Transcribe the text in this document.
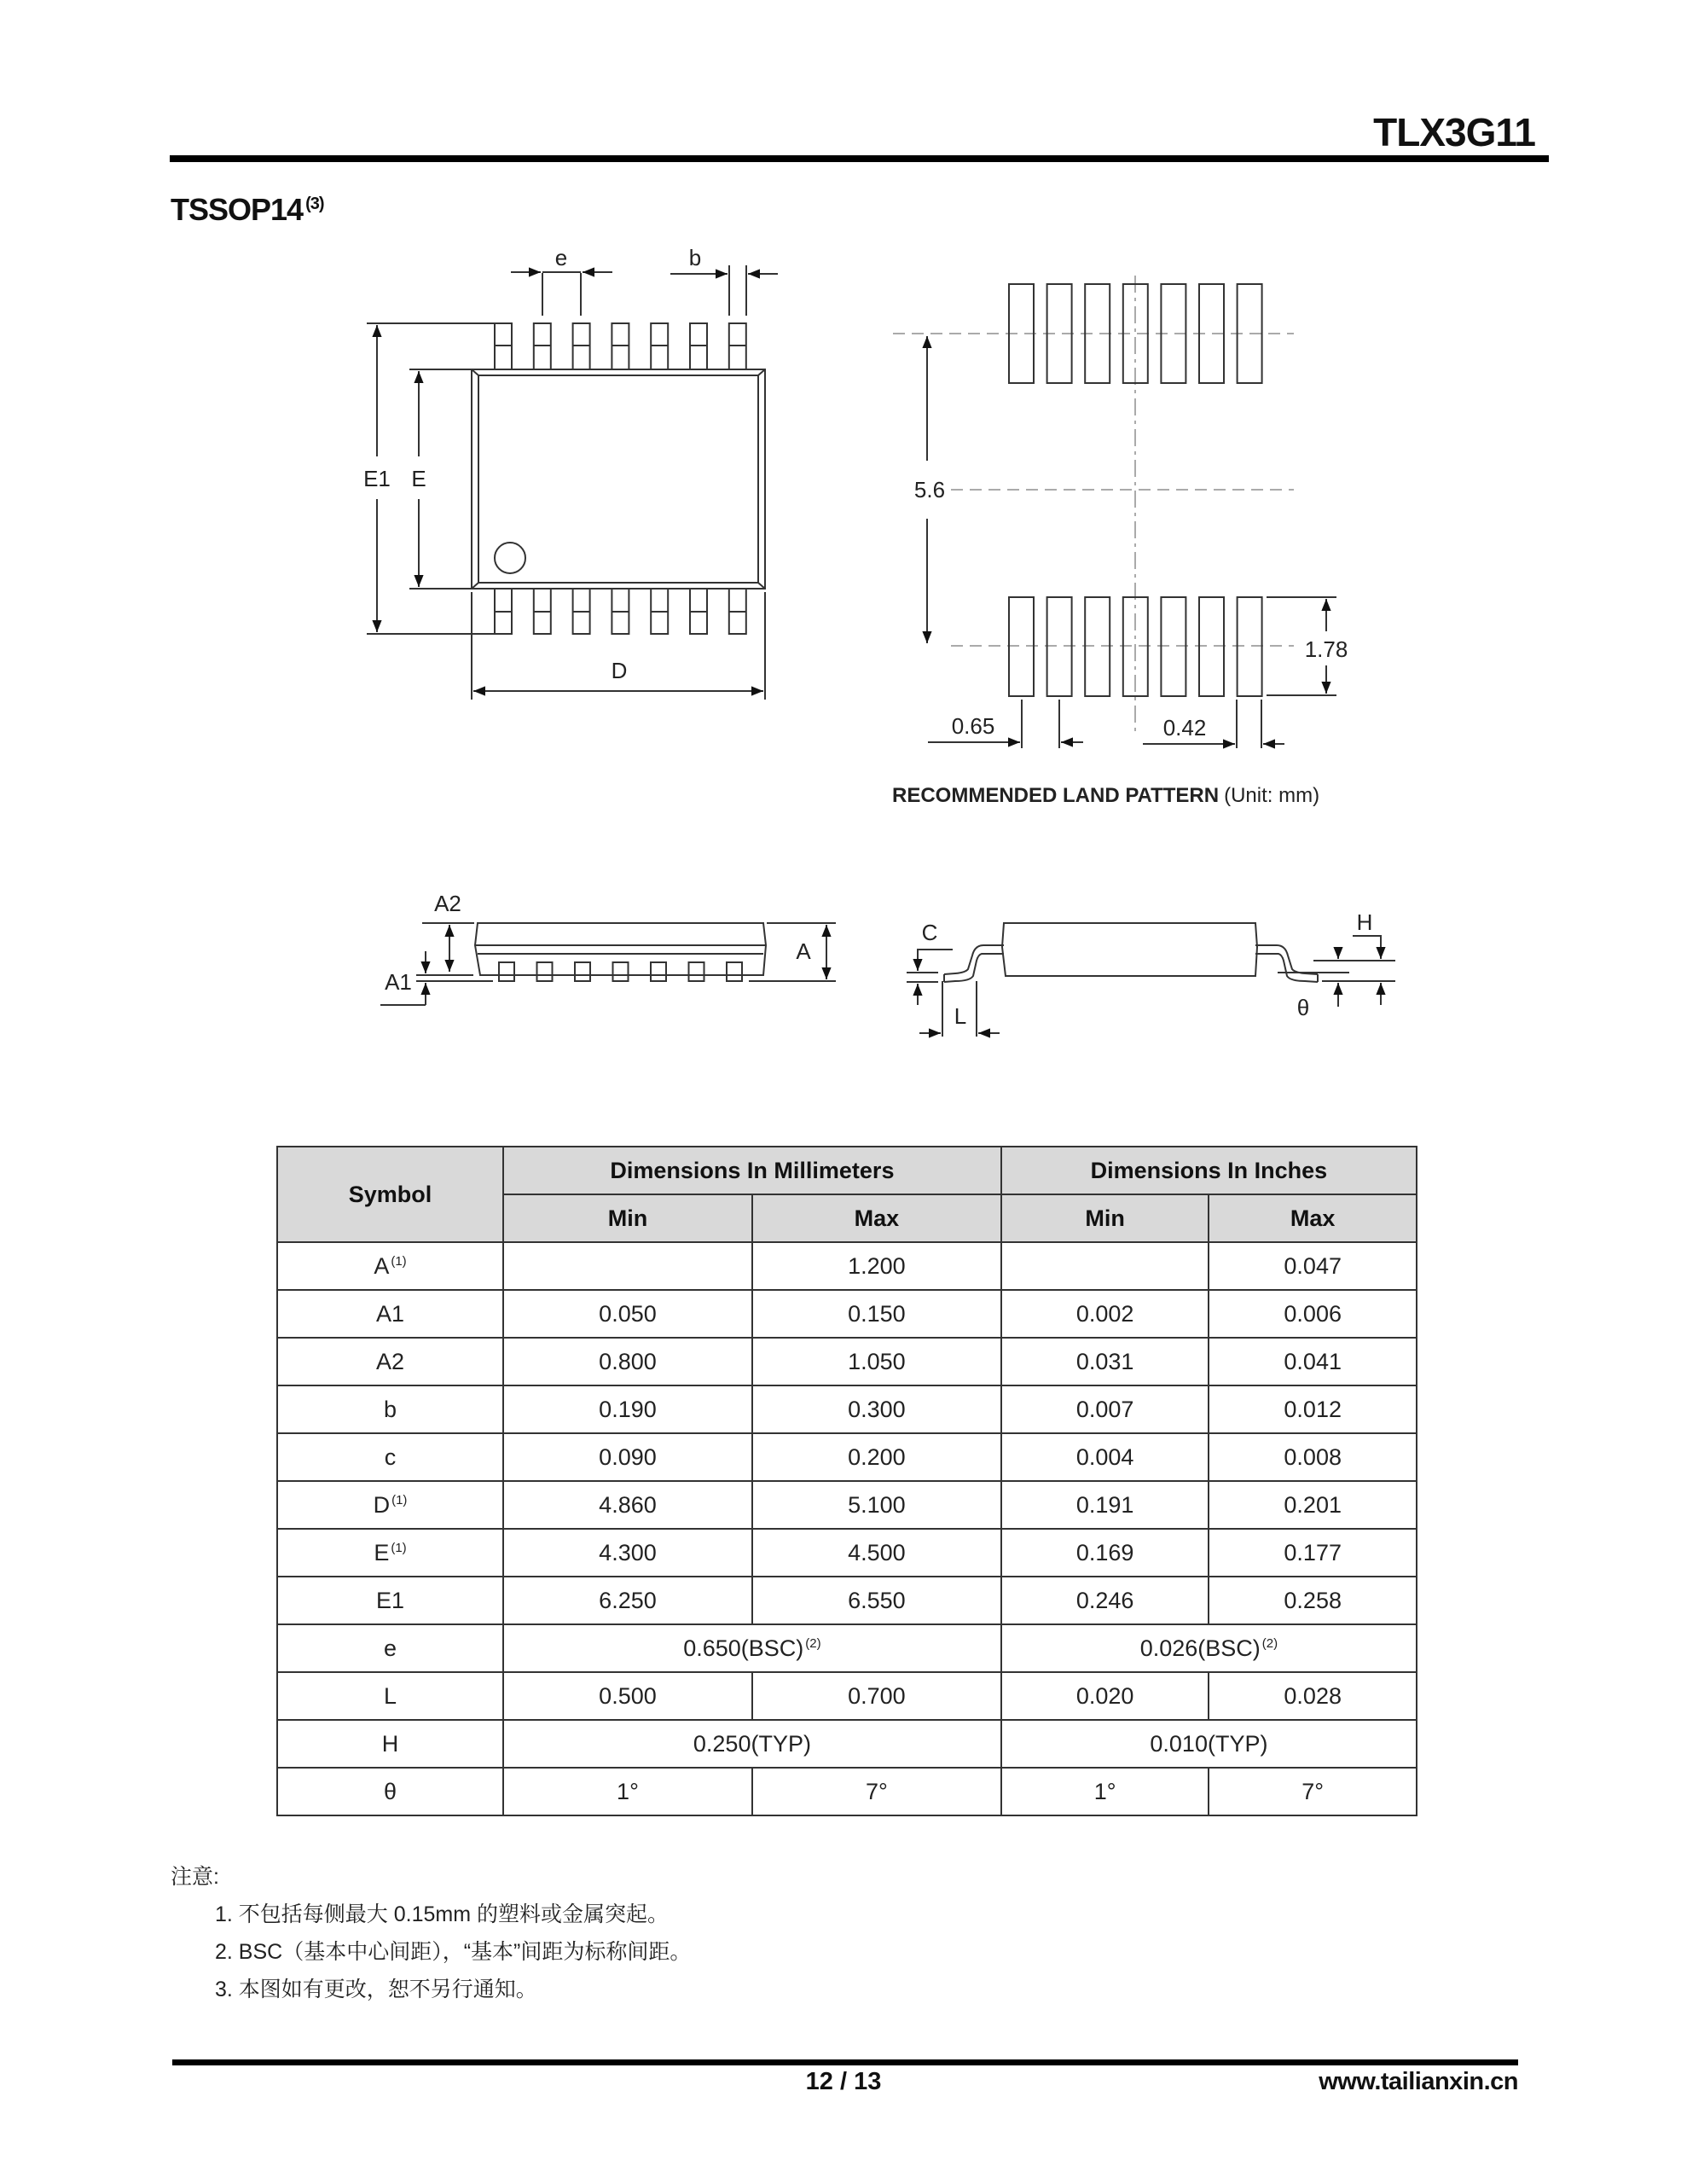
TLX3G11
TSSOP14 $^{(3)}$
e	b
E1 E
D
5.6
1.78
0.65	0.42
RECOMMENDED LAND PATTERN (Unit: mm)
A2
A1
A
C
L
H
θ
Symbol	Dimensions In Millimeters		Dimensions In Inches	
	Min	Max	Min	Max
A $^{(1)}$		1.200		0.047
A1	0.050	0.150	0.002	0.006
A2	0.800	1.050	0.031	0.041
b	0.190	0.300	0.007	0.012
c	0.090	0.200	0.004	0.008
D $^{(1)}$	4.860	5.100	0.191	0.201
E $^{(1)}$	4.300	4.500	0.169	0.177
E1	6.250	6.550	0.246	0.258
e	0.650(BSC) $^{(2)}$		0.026(BSC) $^{(2)}$
L	0.500	0.700	0.020	0.028
H	0.250(TYP)		0.010(TYP)	
θ	1°	7°	1°	7°
注意:
1. 不包括每侧最大 0.15mm 的塑料或金属突起。
2. BSC（基本中心间距），“基本”间距为标称间距。
3. 本图如有更改，恕不另行通知。
12 / 13	www.tailianxin.cn
